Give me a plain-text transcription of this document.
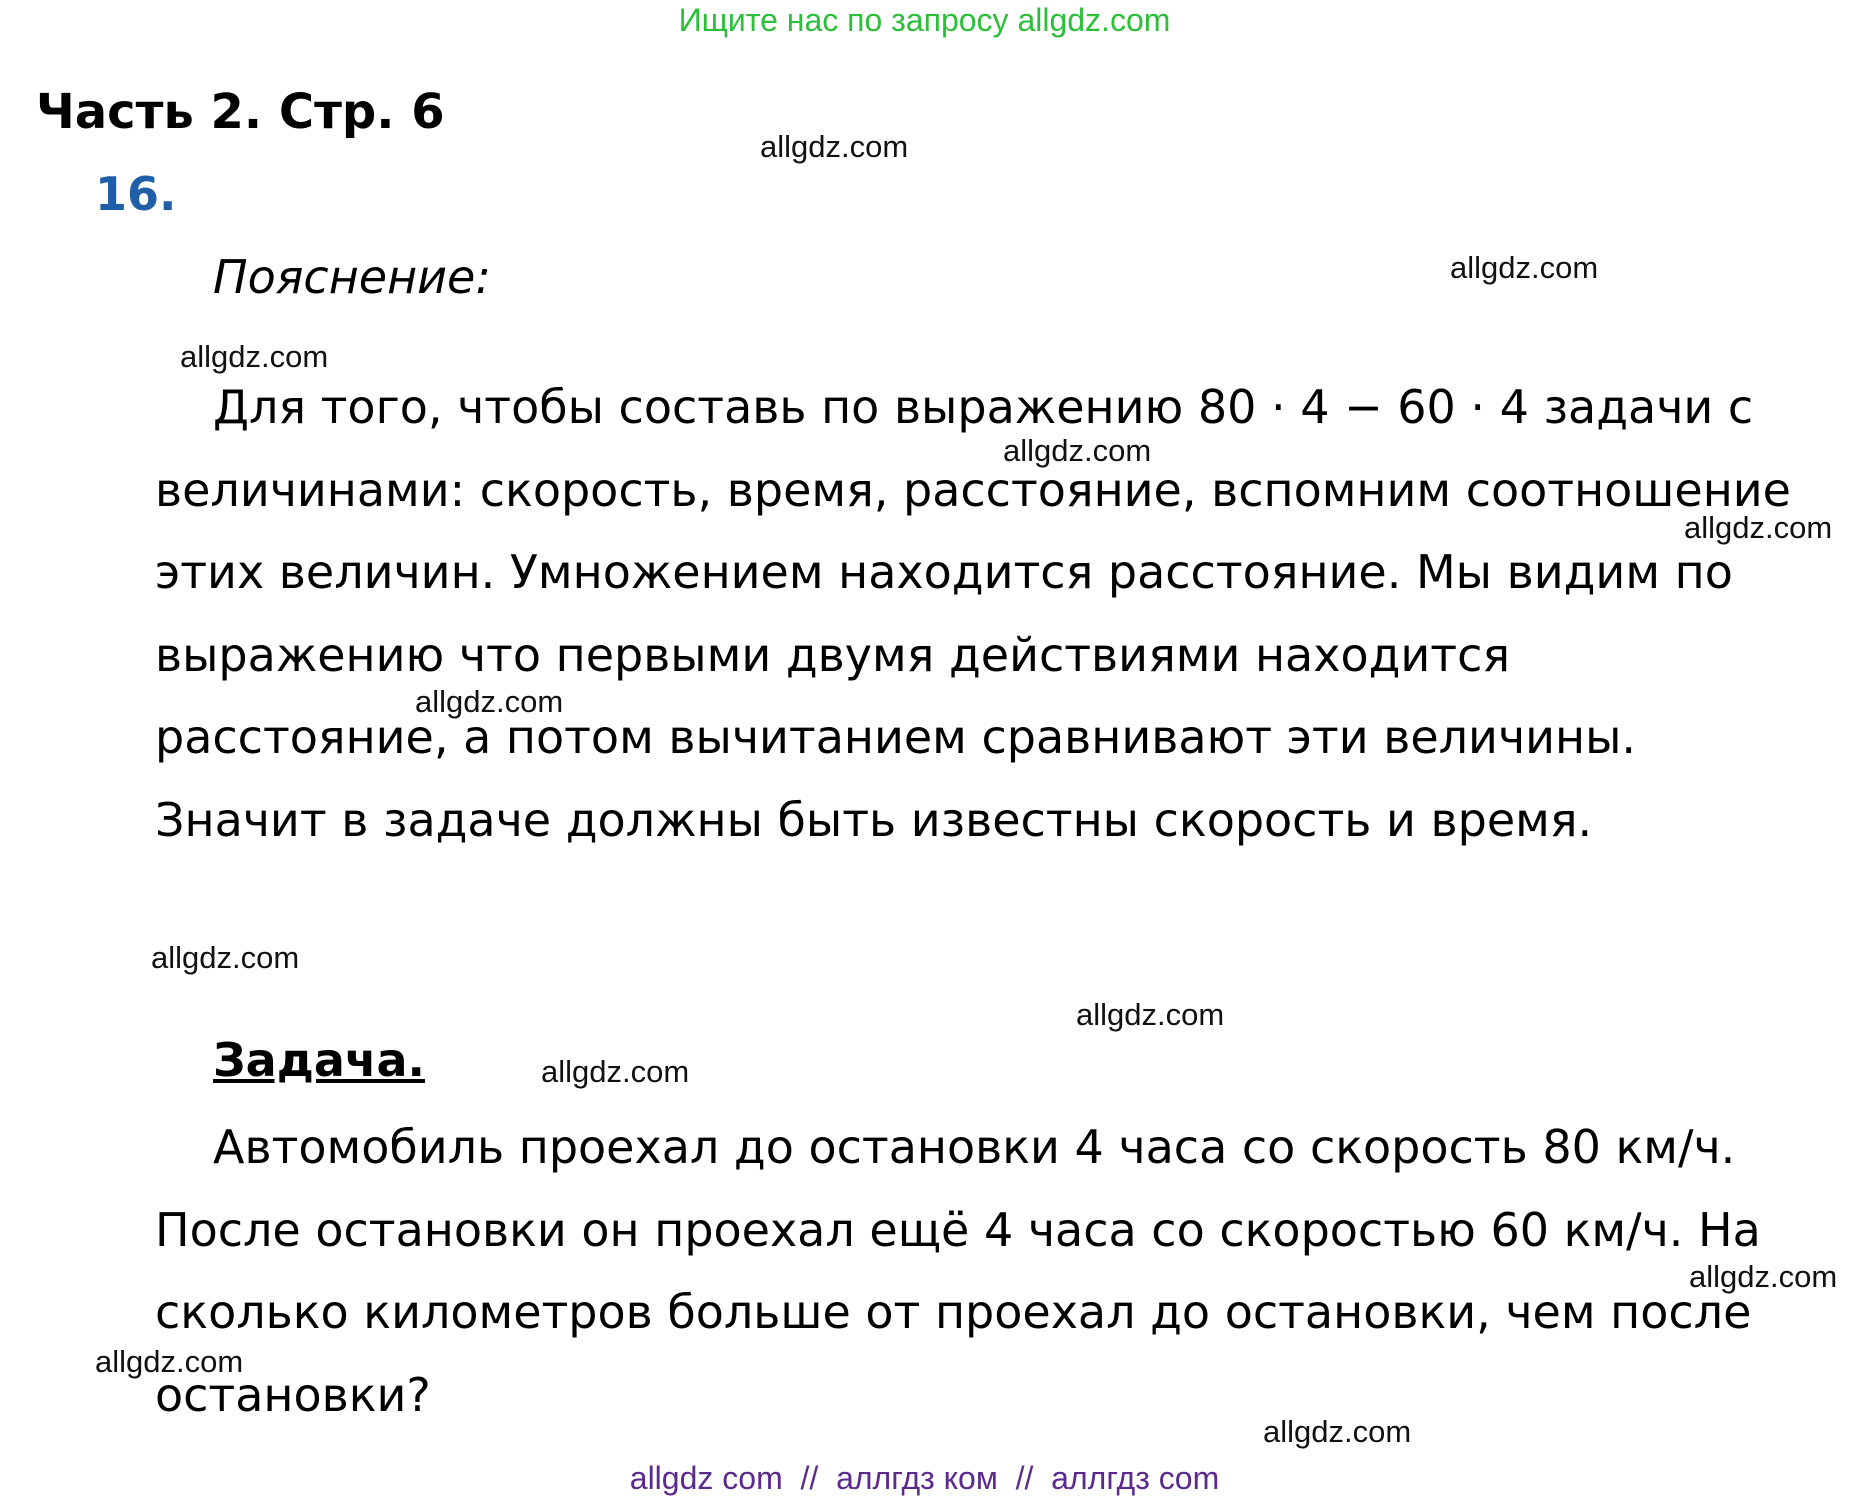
Ищите нас по запросу allgdz.com
Часть 2. Стр. 6
16.
Пояснение:
Для того, чтобы составь по выражению 80 · 4 − 60 · 4 задачи с величинами: скорость, время, расстояние, вспомним соотношение этих величин. Умножением находится расстояние. Мы видим по выражению что первыми двумя действиями находится расстояние, а потом вычитанием сравнивают эти величины. Значит в задаче должны быть известны скорость и время.
Задача.
Автомобиль проехал до остановки 4 часа со скорость 80 км/ч. После остановки он проехал ещё 4 часа со скоростью 60 км/ч. На сколько километров больше от проехал до остановки, чем после остановки?
allgdz.com
allgdz.com
allgdz.com
allgdz.com
allgdz.com
allgdz.com
allgdz.com
allgdz.com
allgdz.com
allgdz.com
allgdz.com
allgdz.com
allgdz com  //  аллгдз ком  //  аллгдз com
